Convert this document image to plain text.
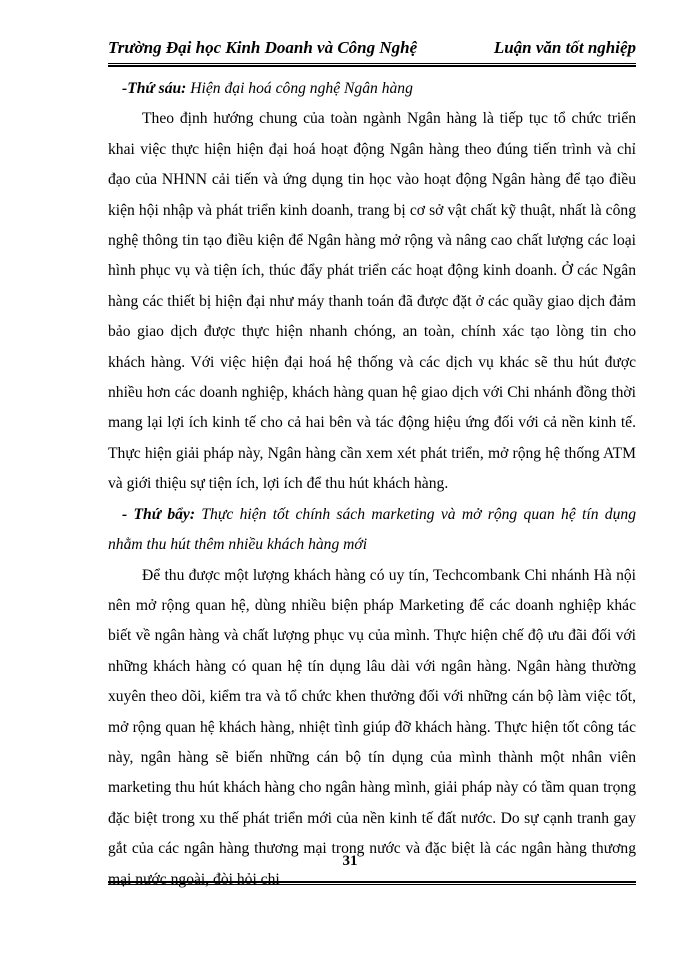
Trường Đại học Kinh Doanh và Công Nghệ	Luận văn tốt nghiệp

-Thứ sáu: Hiện đại hoá công nghệ Ngân hàng

Theo định hướng chung của toàn ngành Ngân hàng là tiếp tục tổ chức triển khai việc thực hiện hiện đại hoá hoạt động Ngân hàng theo đúng tiến trình và chỉ đạo của NHNN cải tiến và ứng dụng tin học vào hoạt động Ngân hàng để tạo điều kiện hội nhập và phát triển kinh doanh, trang bị cơ sở vật chất kỹ thuật, nhất là công nghệ thông tin tạo điều kiện để Ngân hàng mở rộng và nâng cao chất lượng các loại hình phục vụ và tiện ích, thúc đẩy phát triển các hoạt động kinh doanh. Ở các Ngân hàng các thiết bị hiện đại như máy thanh toán đã được đặt ở các quầy giao dịch đảm bảo giao dịch được thực hiện nhanh chóng, an toàn, chính xác tạo lòng tin cho khách hàng. Với việc hiện đại hoá hệ thống và các dịch vụ khác sẽ thu hút được nhiều hơn các doanh nghiệp, khách hàng quan hệ giao dịch với Chi nhánh đồng thời mang lại lợi ích kinh tế cho cả hai bên và tác động hiệu ứng đối với cả nền kinh tế. Thực hiện giải pháp này, Ngân hàng cần xem xét phát triển, mở rộng hệ thống ATM và giới thiệu sự tiện ích, lợi ích để thu hút khách hàng.

- Thứ bẩy: Thực hiện tốt chính sách marketing và mở rộng quan hệ tín dụng nhằm thu hút thêm nhiều khách hàng mới

Để thu được một lượng khách hàng có uy tín, Techcombank Chi nhánh Hà nội nên mở rộng quan hệ, dùng nhiều biện pháp Marketing để các doanh nghiệp khác biết về ngân hàng và chất lượng phục vụ của mình. Thực hiện chế độ ưu đãi đối với những khách hàng có quan hệ tín dụng lâu dài với ngân hàng. Ngân hàng thường xuyên theo dõi, kiểm tra và tổ chức khen thưởng đối với những cán bộ làm việc tốt, mở rộng quan hệ khách hàng, nhiệt tình giúp đỡ khách hàng. Thực hiện tốt công tác này, ngân hàng sẽ biến những cán bộ tín dụng của mình thành một nhân viên marketing thu hút khách hàng cho ngân hàng mình, giải pháp này có tầm quan trọng đặc biệt trong xu thế phát triển mới của nền kinh tế đất nước. Do sự cạnh tranh gay gắt của các ngân hàng thương mại trong nước và đặc biệt là các ngân hàng thương mại nước ngoài, đòi hỏi chi

31
